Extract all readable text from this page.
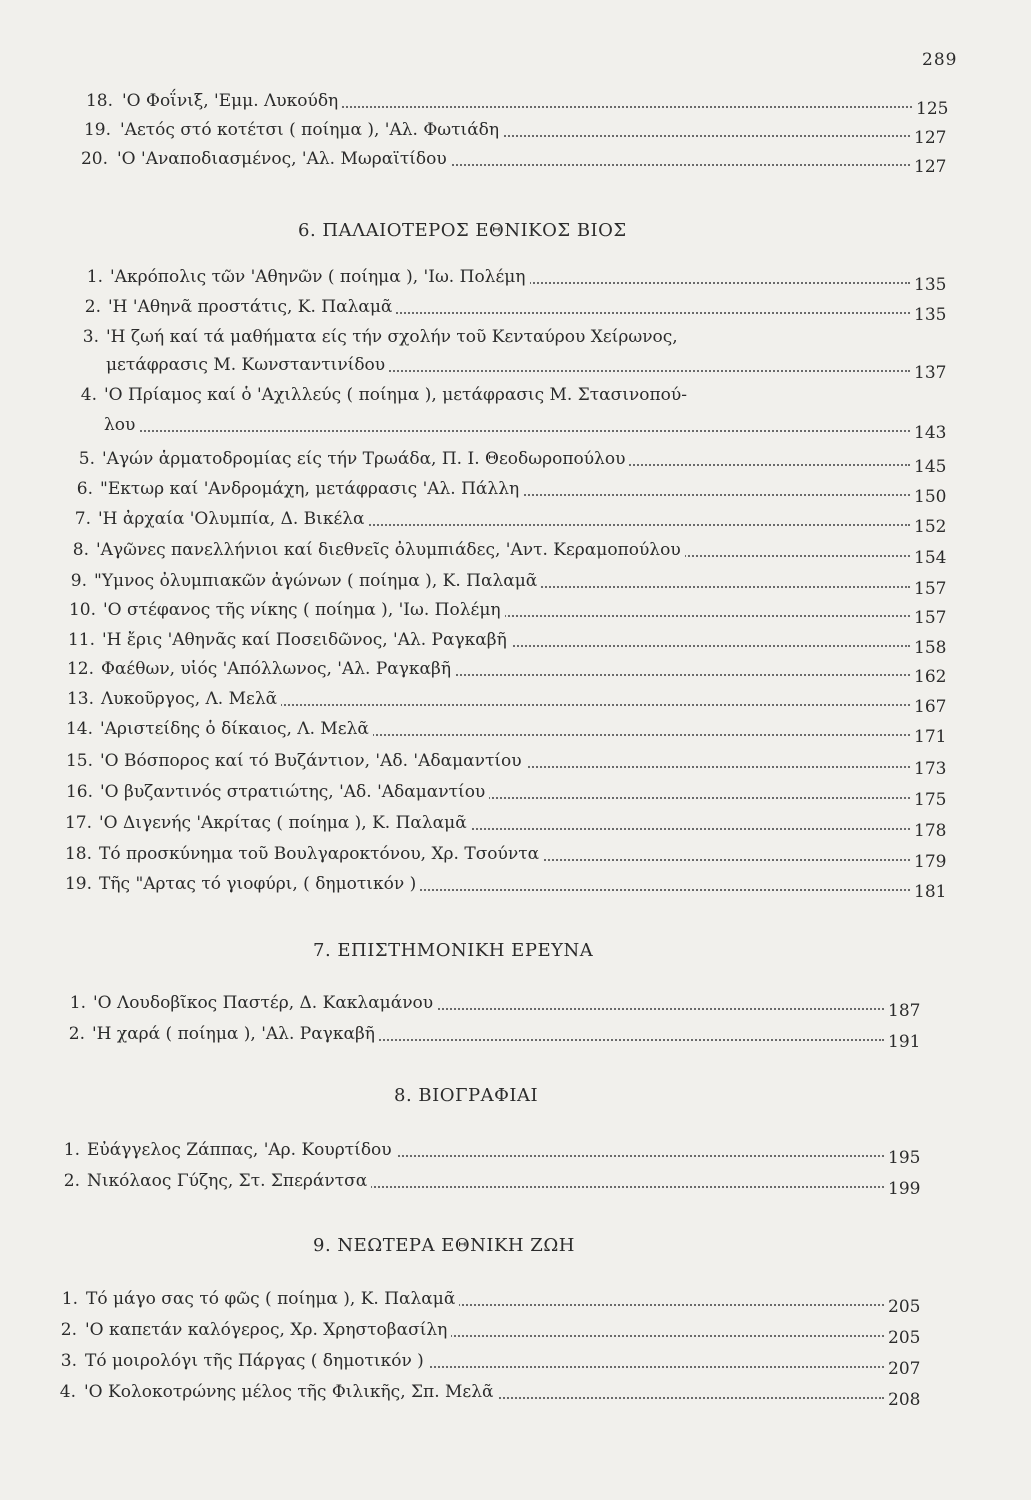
289
18. 'Ο Φοΐνιξ, 'Εμμ. Λυκούδη	125
19. 'Αετός στό κοτέτσι ( ποίημα ), 'Αλ. Φωτιάδη	127
20. 'Ο 'Αναποδιασμένος, 'Αλ. Μωραϊτίδου	127
6. ΠΑΛΑΙΟΤΕΡΟΣ ΕΘΝΙΚΟΣ ΒΙΟΣ
1. 'Ακρόπολις τῶν 'Αθηνῶν ( ποίημα ), 'Ιω. Πολέμη	135
2. 'Η 'Αθηνᾶ προστάτις, Κ. Παλαμᾶ	135
3. 'Η ζωή καί τά μαθήματα είς τήν σχολήν τοῦ Κενταύρου Χείρωνος,
μετάφρασις Μ. Κωνσταντινίδου	137
4. 'Ο Πρίαμος καί ὁ 'Αχιλλεύς ( ποίημα ), μετάφρασις Μ. Στασινοπού-
λου	143
5. 'Αγών ἁρματοδρομίας είς τήν Τρωάδα, Π. Ι. Θεοδωροπούλου	145
6. "Εκτωρ καί 'Ανδρομάχη, μετάφρασις 'Αλ. Πάλλη	150
7. 'Η ἀρχαία 'Ολυμπία, Δ. Βικέλα	152
8. 'Αγῶνες πανελλήνιοι καί διεθνεῖς ὀλυμπιάδες, 'Αντ. Κεραμοπούλου	154
9. "Υμνος ὀλυμπιακῶν ἀγώνων ( ποίημα ), Κ. Παλαμᾶ	157
10. 'Ο στέφανος τῆς νίκης ( ποίημα ), 'Ιω. Πολέμη	157
11. 'Η ἔρις 'Αθηνᾶς καί Ποσειδῶνος, 'Αλ. Ραγκαβῆ	158
12. Φαέθων, υἱός 'Απόλλωνος, 'Αλ. Ραγκαβῆ	162
13. Λυκοῦργος, Λ. Μελᾶ	167
14. 'Αριστείδης ὁ δίκαιος, Λ. Μελᾶ	171
15. 'Ο Βόσπορος καί τό Βυζάντιον, 'Αδ. 'Αδαμαντίου	173
16. 'Ο βυζαντινός στρατιώτης, 'Αδ. 'Αδαμαντίου	175
17. 'Ο Διγενής 'Ακρίτας ( ποίημα ), Κ. Παλαμᾶ	178
18. Τό προσκύνημα τοῦ Βουλγαροκτόνου, Χρ. Τσούντα	179
19. Τῆς "Αρτας τό γιοφύρι, ( δημοτικόν )	181
7. ΕΠΙΣΤΗΜΟΝΙΚΗ ΕΡΕΥΝΑ
1. 'Ο Λουδοβῖκος Παστέρ, Δ. Κακλαμάνου	187
2. 'Η χαρά ( ποίημα ), 'Αλ. Ραγκαβῆ	191
8. ΒΙΟΓΡΑΦΙΑΙ
1. Εὐάγγελος Ζάππας, 'Αρ. Κουρτίδου	195
2. Νικόλαος Γύζης, Στ. Σπεράντσα	199
9. ΝΕΩΤΕΡΑ ΕΘΝΙΚΗ ΖΩΗ
1. Τό μάγο σας τό φῶς ( ποίημα ), Κ. Παλαμᾶ	205
2. 'Ο καπετάν καλόγερος, Χρ. Χρηστοβασίλη	205
3. Τό μοιρολόγι τῆς Πάργας ( δημοτικόν )	207
4. 'Ο Κολοκοτρώνης μέλος τῆς Φιλικῆς, Σπ. Μελᾶ	208
